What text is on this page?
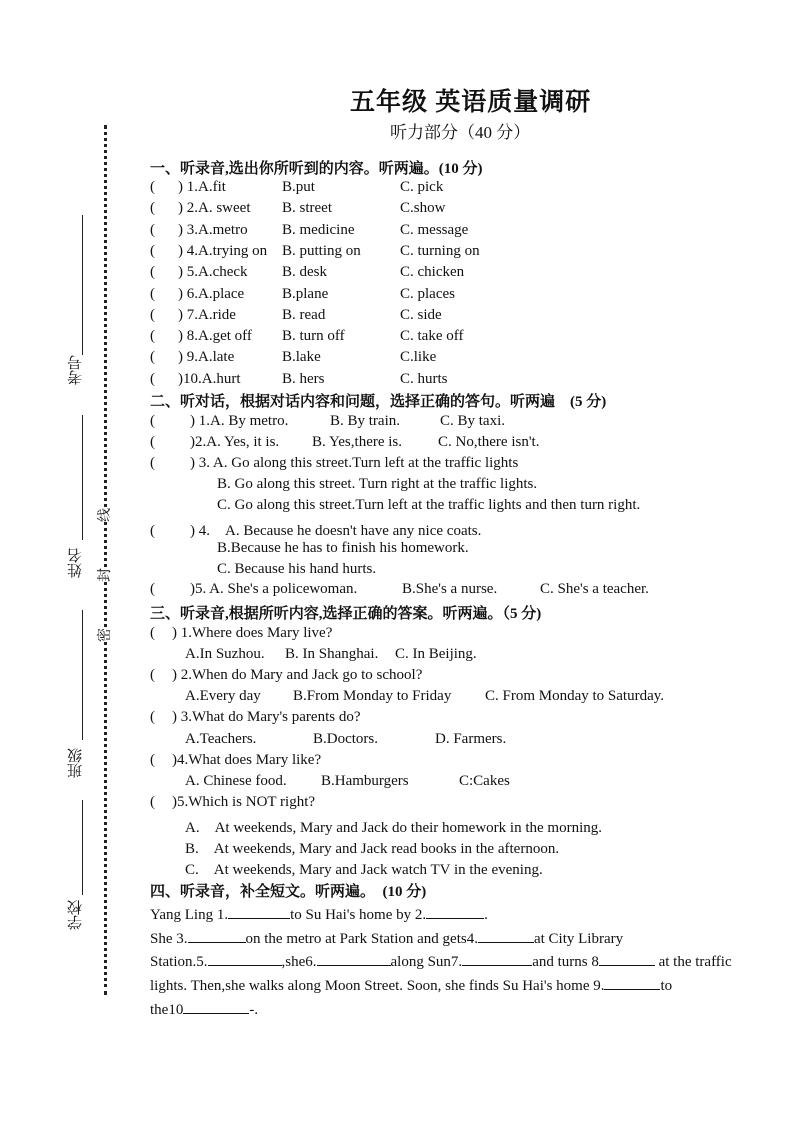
考号
姓名
班级
学校
线
封
密
五年级 英语质量调研
听力部分（40 分）
一、听录音,选出你所听到的内容。听两遍。(10 分)
( ) 1.A.fit	B.put	C. pick
( ) 2.A. sweet B. street	C.show
( ) 3.A.metro B. medicine	C. message
( ) 4.A.trying on B. putting on	C. turning on
( ) 5.A.check B. desk	C. chicken
( ) 6.A.place	B.plane	C. places
( ) 7.A.ride	B. read	C. side
( ) 8.A.get off B. turn off	C. take off
( ) 9.A.late	B.lake	C.like
( )10.A.hurt	B. hers	C. hurts
二、听对话，根据对话内容和问题，选择正确的答句。听两遍　(5 分)
( ) 1.A. By metro.	B. By train.	C. By taxi.
( )2.A. Yes, it is. B. Yes,there is. C. No,there isn't.
( ) 3. A. Go along this street.Turn left at the traffic lights
B. Go along this street. Turn right at the traffic lights.
C. Go along this street.Turn left at the traffic lights and then turn right.
( ) 4.　A. Because he doesn't have any nice coats.
B.Because he has to finish his homework.
C. Because his hand hurts.
( )5. A. She's a policewoman.	B.She's a nurse.	C. She's a teacher.
三、听录音,根据所听内容,选择正确的答案。听两遍。（5 分)
( ) 1.Where does Mary live?
A.In Suzhou. B. In Shanghai. C. In Beijing.
( ) 2.When do Mary and Jack go to school?
A.Every day B.From Monday to Friday C. From Monday to Saturday.
( ) 3.What do Mary's parents do?
A.Teachers.	B.Doctors.	D. Farmers.
( )4.What does Mary like?
A. Chinese food. B.Hamburgers	C:Cakes
( )5.Which is NOT right?
A.　At weekends, Mary and Jack do their homework in the morning.
B.　At weekends, Mary and Jack read books in the afternoon.
C.　At weekends, Mary and Jack watch TV in the evening.
四、听录音，补全短文。听两遍。　(10 分)
Yang Ling 1.	to Su Hai's home by 2.	.
She 3.	on the metro at Park Station and gets4.	at City Library
Station.5.	,she6.	along Sun7.	and turns 8	at the traffic
lights. Then,she walks along Moon Street. Soon, she finds Su Hai's home 9.	to
the10	-.
